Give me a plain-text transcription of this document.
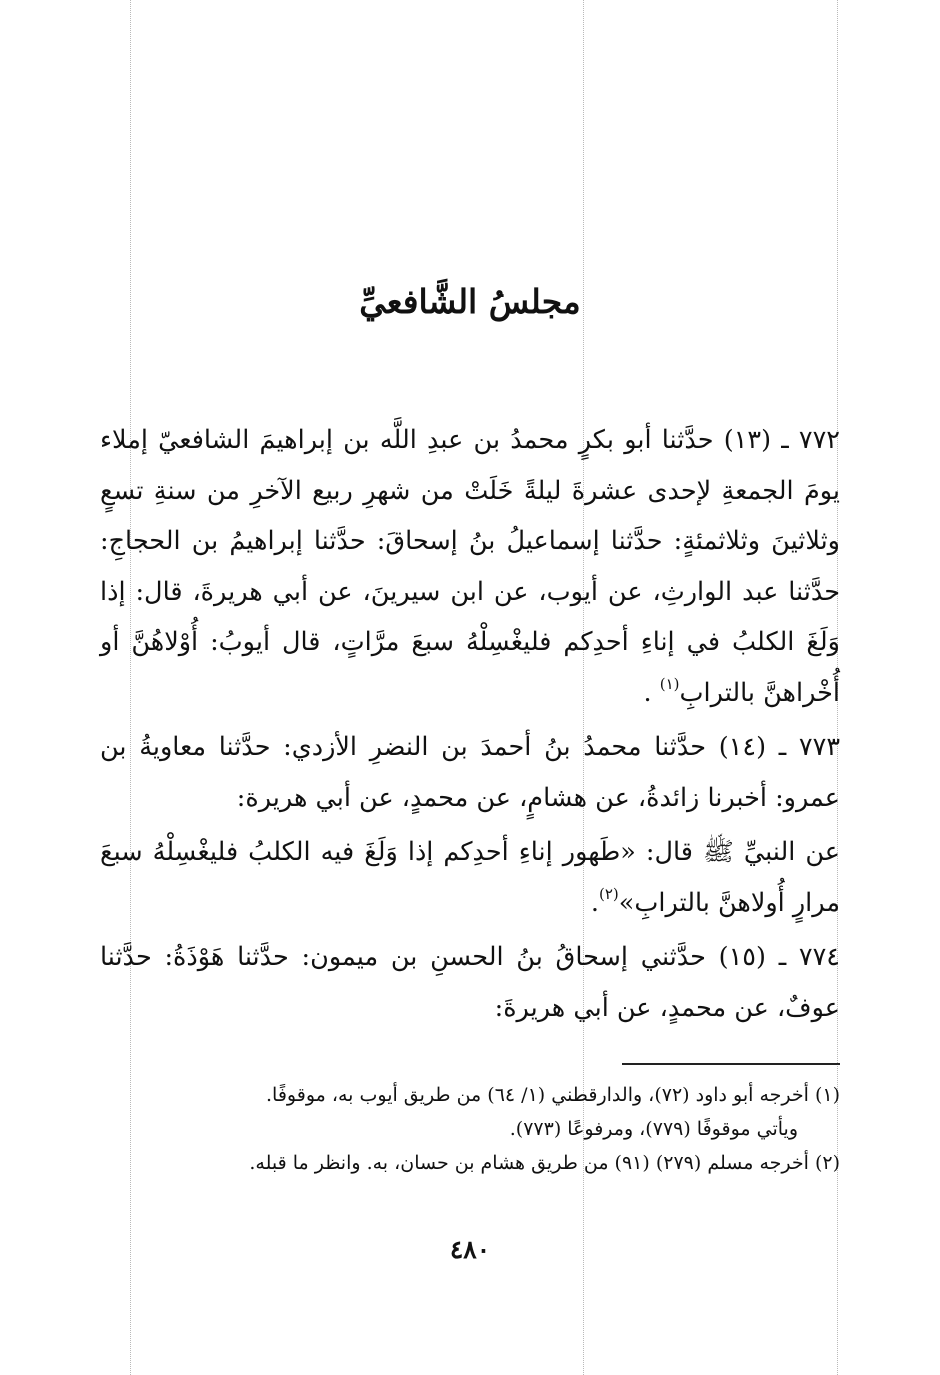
مجلسُ الشَّافعيِّ

٧٧٢ ـ (١٣) حدَّثنا أبو بكرٍ محمدُ بن عبدِ اللَّه بن إبراهيمَ الشافعيّ إملاء يومَ الجمعةِ لإحدى عشرةَ ليلةً خَلَتْ من شهرِ ربيع الآخرِ من سنةِ تسعٍ وثلاثينَ وثلاثمئةٍ: حدَّثنا إسماعيلُ بنُ إسحاقَ: حدَّثنا إبراهيمُ بن الحجاجِ: حدَّثنا عبد الوارثِ، عن أيوب، عن ابن سيرينَ، عن أبي هريرةَ، قال: إذا وَلَغَ الكلبُ في إناءِ أحدِكم فليغْسِلْهُ سبعَ مرَّاتٍ، قال أيوبُ: أُوْلاهُنَّ أو أُخْراهنَّ بالترابِ$^{(١)}$ .

٧٧٣ ـ (١٤) حدَّثنا محمدُ بنُ أحمدَ بن النضرِ الأزدي: حدَّثنا معاويةُ بن عمرو: أخبرنا زائدةُ، عن هشامٍ، عن محمدٍ، عن أبي هريرة:

عن النبيِّ ﷺ قال: «طَهور إناءِ أحدِكم إذا وَلَغَ فيه الكلبُ فليغْسِلْهُ سبعَ مرارٍ أُولاهنَّ بالترابِ»$^{(٢)}$.

٧٧٤ ـ (١٥) حدَّثني إسحاقُ بنُ الحسنِ بن ميمون: حدَّثنا هَوْذَةُ: حدَّثنا عوفٌ، عن محمدٍ، عن أبي هريرةَ:

(١) أخرجه أبو داود (٧٢)، والدارقطني (١/ ٦٤) من طريق أيوب به، موقوفًا.

ويأتي موقوفًا (٧٧٩)، ومرفوعًا (٧٧٣).

(٢) أخرجه مسلم (٢٧٩) (٩١) من طريق هشام بن حسان، به. وانظر ما قبله.

٤٨٠
